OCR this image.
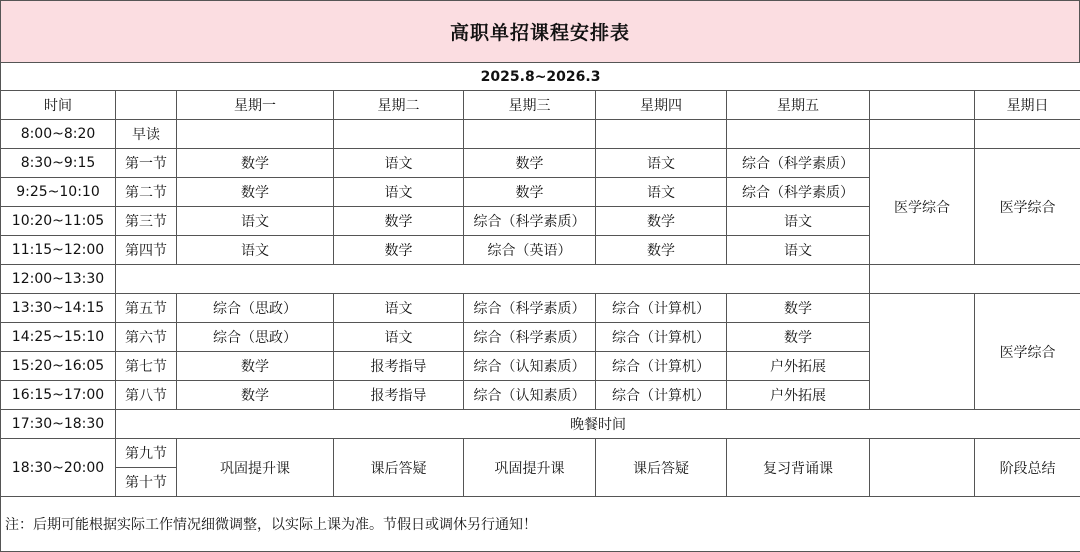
高职单招课程安排表
2025.8~2026.3								
时间		星期一	星期二	星期三	星期四	星期五		星期日
8:00~8:20	早读							
8:30~9:15	第一节	数学	语文	数学	语文	综合（科学素质）	医学综合	医学综合
9:25~10:10	第二节	数学	语文	数学	语文	综合（科学素质）		
10:20~11:05	第三节	语文	数学	综合（科学素质）	数学	语文		
11:15~12:00	第四节	语文	数学	综合（英语）	数学	语文		
12:00~13:30								
13:30~14:15	第五节	综合（思政）	语文	综合（科学素质）	综合（计算机）	数学		医学综合
14:25~15:10	第六节	综合（思政）	语文	综合（科学素质）	综合（计算机）	数学		
15:20~16:05	第七节	数学	报考指导	综合（认知素质）	综合（计算机）	户外拓展		
16:15~17:00	第八节	数学	报考指导	综合（认知素质）	综合（计算机）	户外拓展		
17:30~18:30	晚餐时间							
18:30~20:00	第九节	巩固提升课	课后答疑	巩固提升课	课后答疑	复习背诵课		阶段总结
	第十节							
注：后期可能根据实际工作情况细微调整，以实际上课为准。节假日或调休另行通知！								
